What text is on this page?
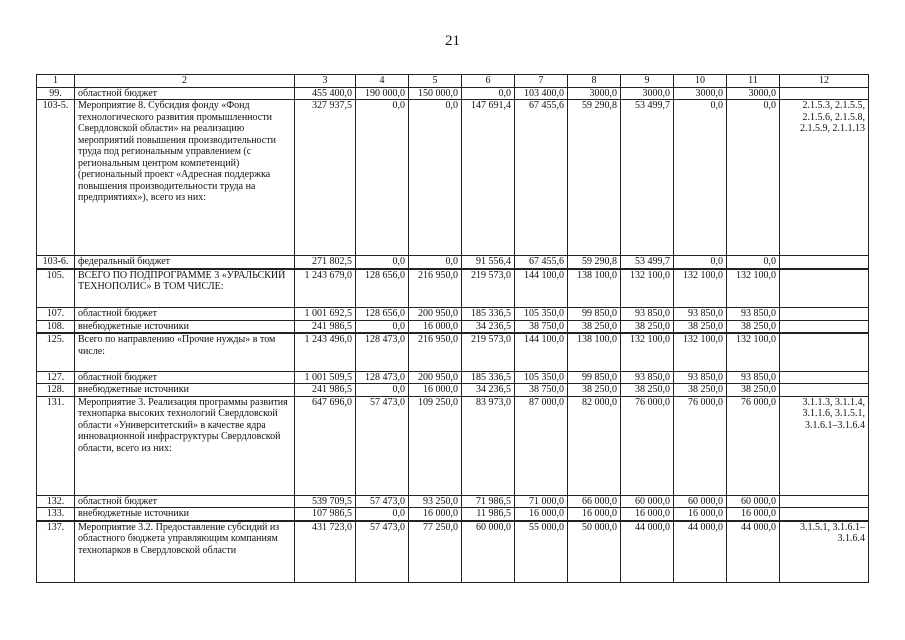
21
1	2	3	4	5	6	7	8	9	10	11	12
99.	областной бюджет	455 400,0	190 000,0	150 000,0	0,0	103 400,0	3000,0	3000,0	3000,0	3000,0	
103-5.	Мероприятие 8. Субсидия фонду «Фонд технологического развития промышленности Свердловской области» на реализацию мероприятий повышения производительности труда под региональным управлением (с региональным центром компетенций) (региональный проект «Адресная поддержка повышения производительности труда на предприятиях»), всего из них:	327 937,5	0,0	0,0	147 691,4	67 455,6	59 290,8	53 499,7	0,0	0,0	2.1.5.3, 2.1.5.5, 2.1.5.6, 2.1.5.8, 2.1.5.9, 2.1.1.13
103-6.	федеральный бюджет	271 802,5	0,0	0,0	91 556,4	67 455,6	59 290,8	53 499,7	0,0	0,0	
105.	ВСЕГО ПО ПОДПРОГРАММЕ 3 «УРАЛЬСКИЙ ТЕХНОПОЛИС» В ТОМ ЧИСЛЕ:	1 243 679,0	128 656,0	216 950,0	219 573,0	144 100,0	138 100,0	132 100,0	132 100,0	132 100,0	
107.	областной бюджет	1 001 692,5	128 656,0	200 950,0	185 336,5	105 350,0	99 850,0	93 850,0	93 850,0	93 850,0	
108.	внебюджетные источники	241 986,5	0,0	16 000,0	34 236,5	38 750,0	38 250,0	38 250,0	38 250,0	38 250,0	
125.	Всего по направлению «Прочие нужды» в том числе:	1 243 496,0	128 473,0	216 950,0	219 573,0	144 100,0	138 100,0	132 100,0	132 100,0	132 100,0	
127.	областной бюджет	1 001 509,5	128 473,0	200 950,0	185 336,5	105 350,0	99 850,0	93 850,0	93 850,0	93 850,0	
128.	внебюджетные источники	241 986,5	0,0	16 000,0	34 236,5	38 750,0	38 250,0	38 250,0	38 250,0	38 250,0	
131.	Мероприятие 3. Реализация программы развития технопарка высоких технологий Свердловской области «Университетский» в качестве ядра инновационной инфраструктуры Свердловской области, всего из них:	647 696,0	57 473,0	109 250,0	83 973,0	87 000,0	82 000,0	76 000,0	76 000,0	76 000,0	3.1.1.3, 3.1.1.4, 3.1.1.6, 3.1.5.1, 3.1.6.1–3.1.6.4
132.	областной бюджет	539 709,5	57 473,0	93 250,0	71 986,5	71 000,0	66 000,0	60 000,0	60 000,0	60 000,0	
133.	внебюджетные источники	107 986,5	0,0	16 000,0	11 986,5	16 000,0	16 000,0	16 000,0	16 000,0	16 000,0	
137.	Мероприятие 3.2. Предоставление субсидий из областного бюджета управляющим компаниям технопарков в Свердловской области	431 723,0	57 473,0	77 250,0	60 000,0	55 000,0	50 000,0	44 000,0	44 000,0	44 000,0	3.1.5.1, 3.1.6.1–3.1.6.4
